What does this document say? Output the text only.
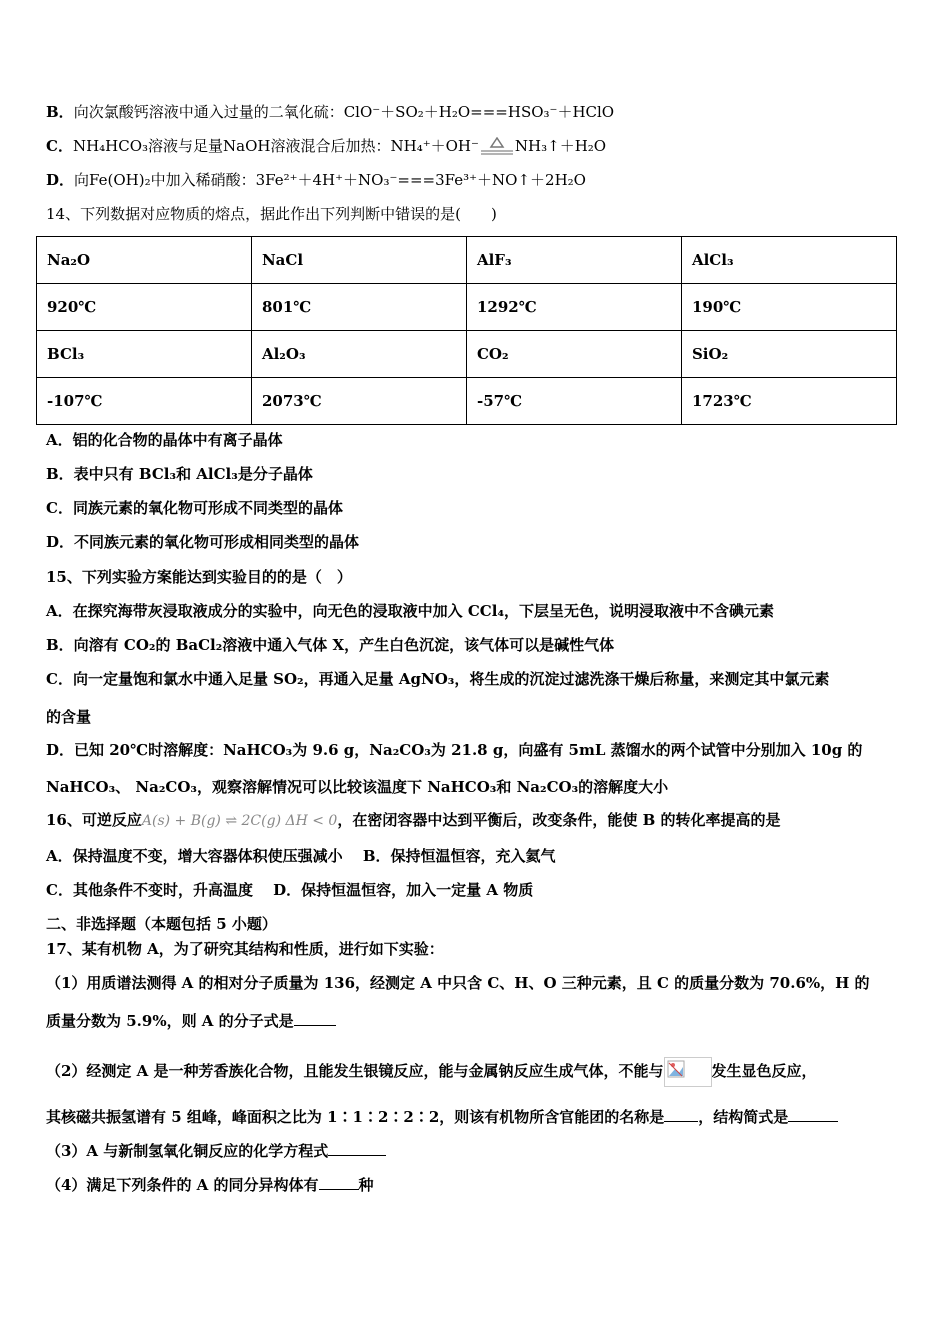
B．向次氯酸钙溶液中通入过量的二氧化硫：ClO⁻＋SO₂＋H₂O===HSO₃⁻＋HClO
C．NH₄HCO₃溶液与足量NaOH溶液混合后加热：NH₄⁺＋OH⁻ NH₃↑＋H₂O
D．向Fe(OH)₂中加入稀硝酸：3Fe²⁺＋4H⁺＋NO₃⁻===3Fe³⁺＋NO↑＋2H₂O
14、下列数据对应物质的熔点，据此作出下列判断中错误的是(　　)
Na₂O	NaCl	AlF₃	AlCl₃
920℃	801℃	1292℃	190℃
BCl₃	Al₂O₃	CO₂	SiO₂
-107℃	2073℃	-57℃	1723℃
A．铝的化合物的晶体中有离子晶体
B．表中只有 BCl₃和 AlCl₃是分子晶体
C．同族元素的氧化物可形成不同类型的晶体
D．不同族元素的氧化物可形成相同类型的晶体
15、下列实验方案能达到实验目的的是（　）
A．在探究海带灰浸取液成分的实验中，向无色的浸取液中加入 CCl₄，下层呈无色，说明浸取液中不含碘元素
B．向溶有 CO₂的 BaCl₂溶液中通入气体 X，产生白色沉淀，该气体可以是碱性气体
C．向一定量饱和氯水中通入足量 SO₂，再通入足量 AgNO₃，将生成的沉淀过滤洗涤干燥后称量，来测定其中氯元素
的含量
D．已知 20℃时溶解度：NaHCO₃为 9.6 g，Na₂CO₃为 21.8 g，向盛有 5mL 蒸馏水的两个试管中分别加入 10g 的
NaHCO₃、 Na₂CO₃，观察溶解情况可以比较该温度下 NaHCO₃和 Na₂CO₃的溶解度大小
16、可逆反应A(s) + B(g) ⇌ 2C(g) ΔH < 0，在密闭容器中达到平衡后，改变条件，能使 B 的转化率提高的是
A．保持温度不变，增大容器体积使压强减小　 B．保持恒温恒容，充入氦气
C．其他条件不变时，升高温度　 D．保持恒温恒容，加入一定量 A 物质
二、非选择题（本题包括 5 小题）
17、某有机物 A，为了研究其结构和性质，进行如下实验：
（1）用质谱法测得 A 的相对分子质量为 136，经测定 A 中只含 C、H、O 三种元素，且 C 的质量分数为 70.6%，H 的
质量分数为 5.9%，则 A 的分子式是
（2）经测定 A 是一种芳香族化合物，且能发生银镜反应，能与金属钠反应生成气体，不能与	发生显色反应，
其核磁共振氢谱有 5 组峰，峰面积之比为 1∶1∶2∶2∶2，则该有机物所含官能团的名称是 ，结构简式是
（3）A 与新制氢氧化铜反应的化学方程式
（4）满足下列条件的 A 的同分异构体有	种
